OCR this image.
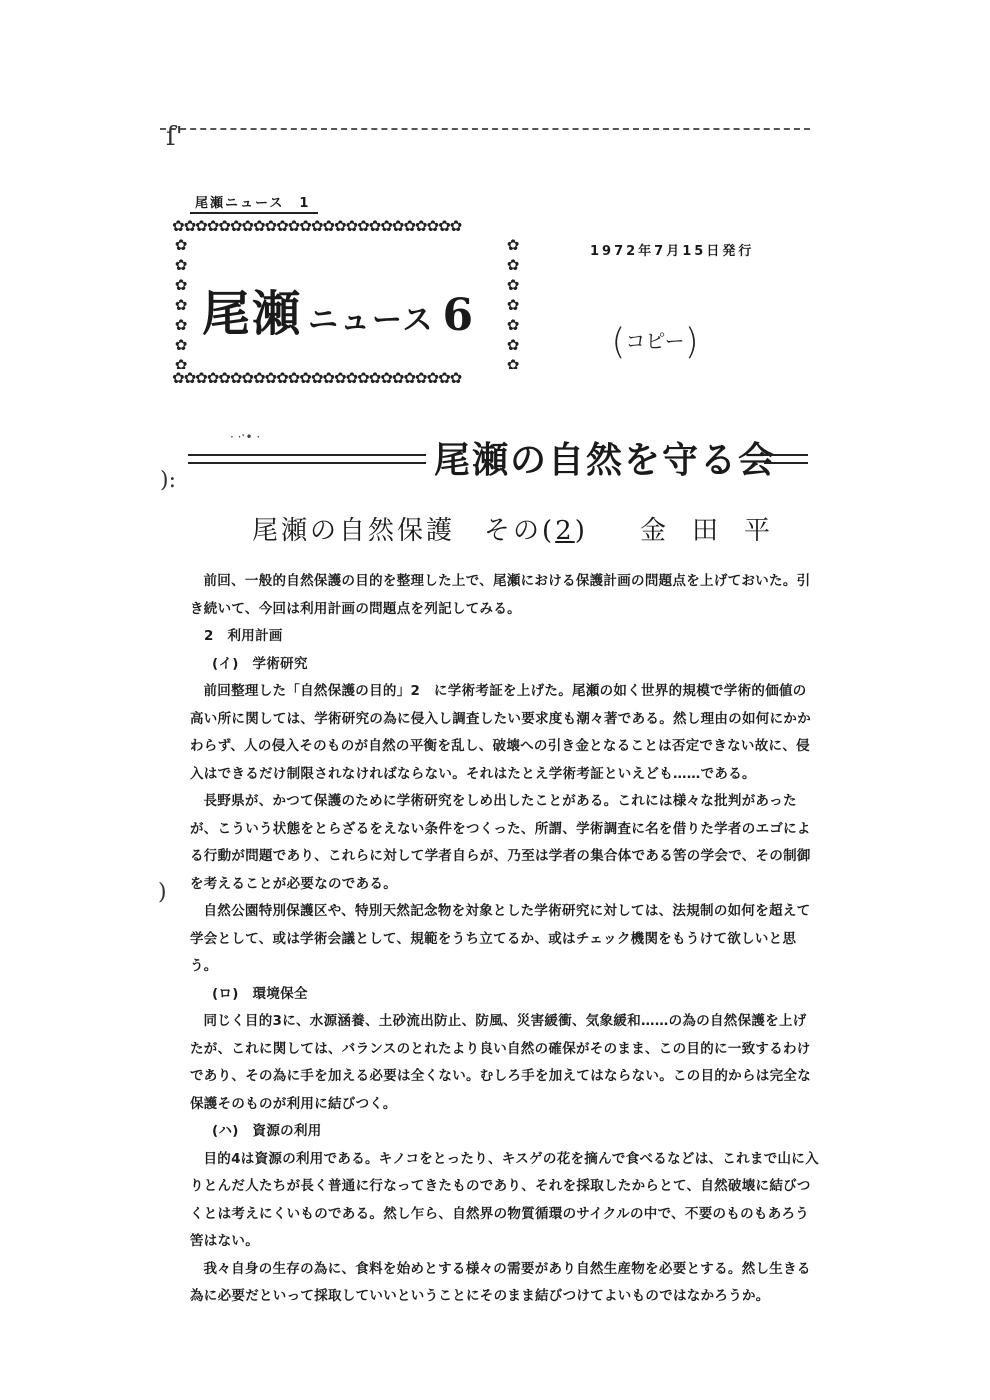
ſ'
尾瀬ニュース　1
1972年7月15日発行
✿✿✿✿✿✿✿✿✿✿✿✿✿✿✿✿✿✿✿✿✿✿✿✿✿
✿
✿
✿
✿
✿
✿
✿
✿
✿
✿
✿
✿
✿
✿
✿✿✿✿✿✿✿✿✿✿✿✿✿✿✿✿✿✿✿✿✿✿✿✿✿
尾瀬 ニュース 6
(コピー)
· ·ˑ• ·
尾瀬の自然を守る会
):
尾瀬の自然保護　その(2) 金田平
)

前回、一般的自然保護の目的を整理した上で、尾瀬における保護計画の問題点を上げておいた。引き続いて、今回は利用計画の問題点を列記してみる。

2　利用計画

(イ)　学術研究

前回整理した「自然保護の目的」2　に学術考証を上げた。尾瀬の如く世界的規模で学術的価値の高い所に関しては、学術研究の為に侵入し調査したい要求度も潮々著である。然し理由の如何にかかわらず、人の侵入そのものが自然の平衡を乱し、破壊への引き金となることは否定できない故に、侵入はできるだけ制限されなければならない。それはたとえ学術考証といえども……である。

長野県が、かつて保護のために学術研究をしめ出したことがある。これには様々な批判があったが、こういう状態をとらざるをえない条件をつくった、所謂、学術調査に名を借りた学者のエゴによる行動が問題であり、これらに対して学者自らが、乃至は学者の集合体である筈の学会で、その制御を考えることが必要なのである。

自然公園特別保護区や、特別天然記念物を対象とした学術研究に対しては、法規制の如何を超えて学会として、或は学術会議として、規範をうち立てるか、或はチェック機関をもうけて欲しいと思う。

(ロ)　環境保全

同じく目的3に、水源涵養、土砂流出防止、防風、災害緩衝、気象緩和……の為の自然保護を上げたが、これに関しては、バランスのとれたより良い自然の確保がそのまま、この目的に一致するわけであり、その為に手を加える必要は全くない。むしろ手を加えてはならない。この目的からは完全な保護そのものが利用に結びつく。

(ハ)　資源の利用

目的4は資源の利用である。キノコをとったり、キスゲの花を摘んで食べるなどは、これまで山に入りとんだ人たちが長く普通に行なってきたものであり、それを採取したからとて、自然破壊に結びつくとは考えにくいものである。然し乍ら、自然界の物質循環のサイクルの中で、不要のものもあろう筈はない。

我々自身の生存の為に、食料を始めとする様々の需要があり自然生産物を必要とする。然し生きる為に必要だといって採取していいということにそのまま結びつけてよいものではなかろうか。
